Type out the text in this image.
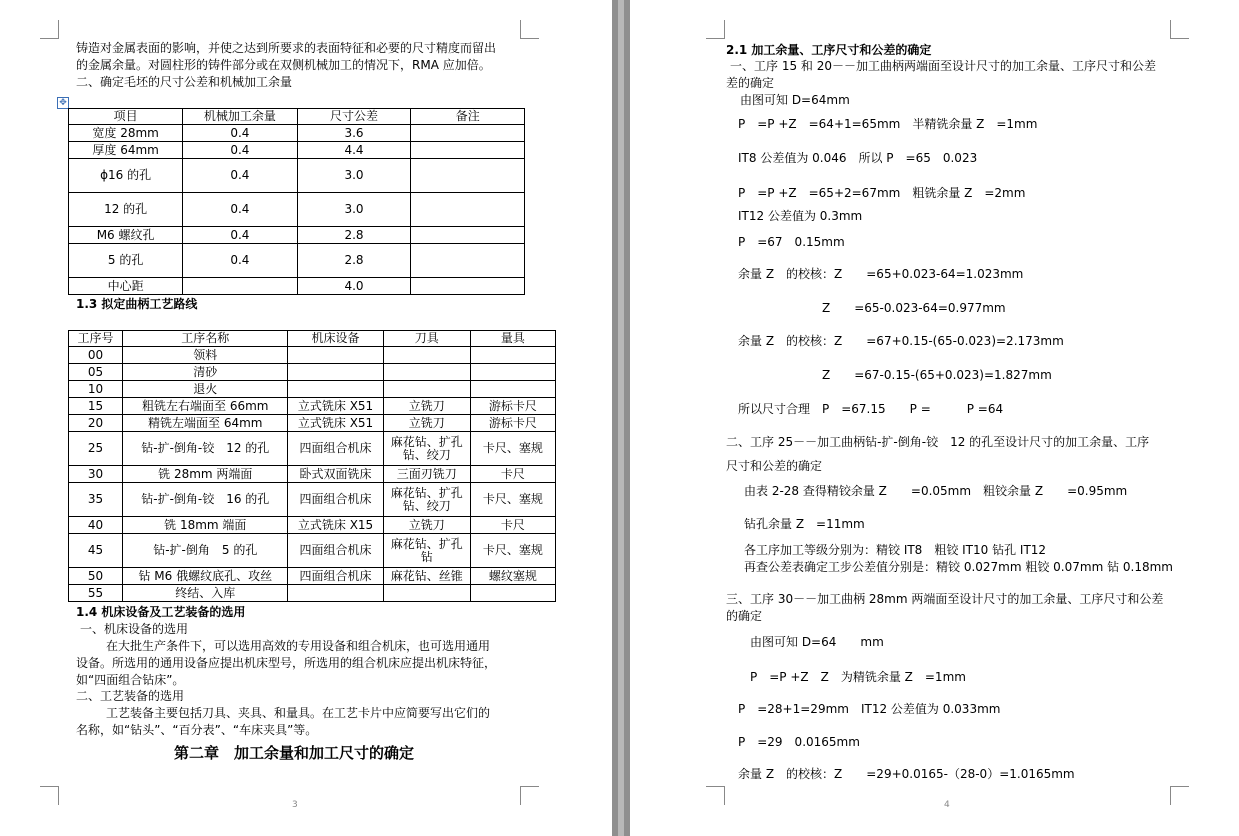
铸造对金属表面的影响，并使之达到所要求的表面特征和必要的尺寸精度而留出
的金属余量。对圆柱形的铸件部分或在双侧机械加工的情况下，RMA 应加倍。
二、确定毛坯的尺寸公差和机械加工余量
✥
项目	机械加工余量	尺寸公差	备注
宽度 28mm	0.4	3.6	
厚度 64mm	0.4	4.4	
ϕ16 的孔	0.4	3.0	
12 的孔	0.4	3.0	
M6 螺纹孔	0.4	2.8	
5 的孔	0.4	2.8	
中心距		4.0	
1.3 拟定曲柄工艺路线
工序号	工序名称	机床设备	刀具	量具
00	领料			
05	清砂			
10	退火			
15	粗铣左右端面至 66mm	立式铣床 X51	立铣刀	游标卡尺
20	精铣左端面至 64mm	立式铣床 X51	立铣刀	游标卡尺
25	钻-扩-倒角-铰　12 的孔	四面组合机床	麻花钻、扩孔钻、绞刀	卡尺、塞规
30	铣 28mm 两端面	卧式双面铣床	三面刃铣刀	卡尺
35	钻-扩-倒角-铰　16 的孔	四面组合机床	麻花钻、扩孔钻、绞刀	卡尺、塞规
40	铣 18mm 端面	立式铣床 X15	立铣刀	卡尺
45	钻-扩-倒角　5 的孔	四面组合机床	麻花钻、扩孔钻	卡尺、塞规
50	钻 M6 俄螺纹底孔、攻丝	四面组合机床	麻花钻、丝锥	螺纹塞规
55	终结、入库			
1.4 机床设备及工艺装备的选用
一、机床设备的选用
在大批生产条件下，可以选用高效的专用设备和组合机床，也可选用通用
设备。所选用的通用设备应提出机床型号，所选用的组合机床应提出机床特征，
如“四面组合钻床”。
二、工艺装备的选用
工艺装备主要包括刀具、夹具、和量具。在工艺卡片中应简要写出它们的
名称，如“钻头”、“百分表”、“车床夹具”等。
第二章　加工余量和加工尺寸的确定
3
2.1 加工余量、工序尺寸和公差的确定
一、工序 15 和 20－－加工曲柄两端面至设计尺寸的加工余量、工序尺寸和公差
差的确定
由图可知 D=64mm
P　=P +Z　=64+1=65mm　半精铣余量 Z　=1mm
IT8 公差值为 0.046　所以 P　=65　0.023
P　=P +Z　=65+2=67mm　粗铣余量 Z　=2mm
IT12 公差值为 0.3mm
P　=67　0.15mm
余量 Z　的校核：Z　　=65+0.023-64=1.023mm
Z　　=65-0.023-64=0.977mm
余量 Z　的校核：Z　　=67+0.15-(65-0.023)=2.173mm
Z　　=67-0.15-(65+0.023)=1.827mm
所以尺寸合理　P　=67.15　　P =　　　P =64
二、工序 25－－加工曲柄钻-扩-倒角-铰　12 的孔至设计尺寸的加工余量、工序
尺寸和公差的确定
由表 2-28 查得精铰余量 Z　　=0.05mm　粗铰余量 Z　　=0.95mm
钻孔余量 Z　=11mm
各工序加工等级分别为：精铰 IT8　粗铰 IT10 钻孔 IT12
再查公差表确定工步公差值分别是：精铰 0.027mm 粗铰 0.07mm 钻 0.18mm
三、工序 30－－加工曲柄 28mm 两端面至设计尺寸的加工余量、工序尺寸和公差
的确定
由图可知 D=64　　mm
P　=P +Z　Z　为精铣余量 Z　=1mm
P　=28+1=29mm　IT12 公差值为 0.033mm
P　=29　0.0165mm
余量 Z　的校核：Z　　=29+0.0165-（28-0）=1.0165mm
4
